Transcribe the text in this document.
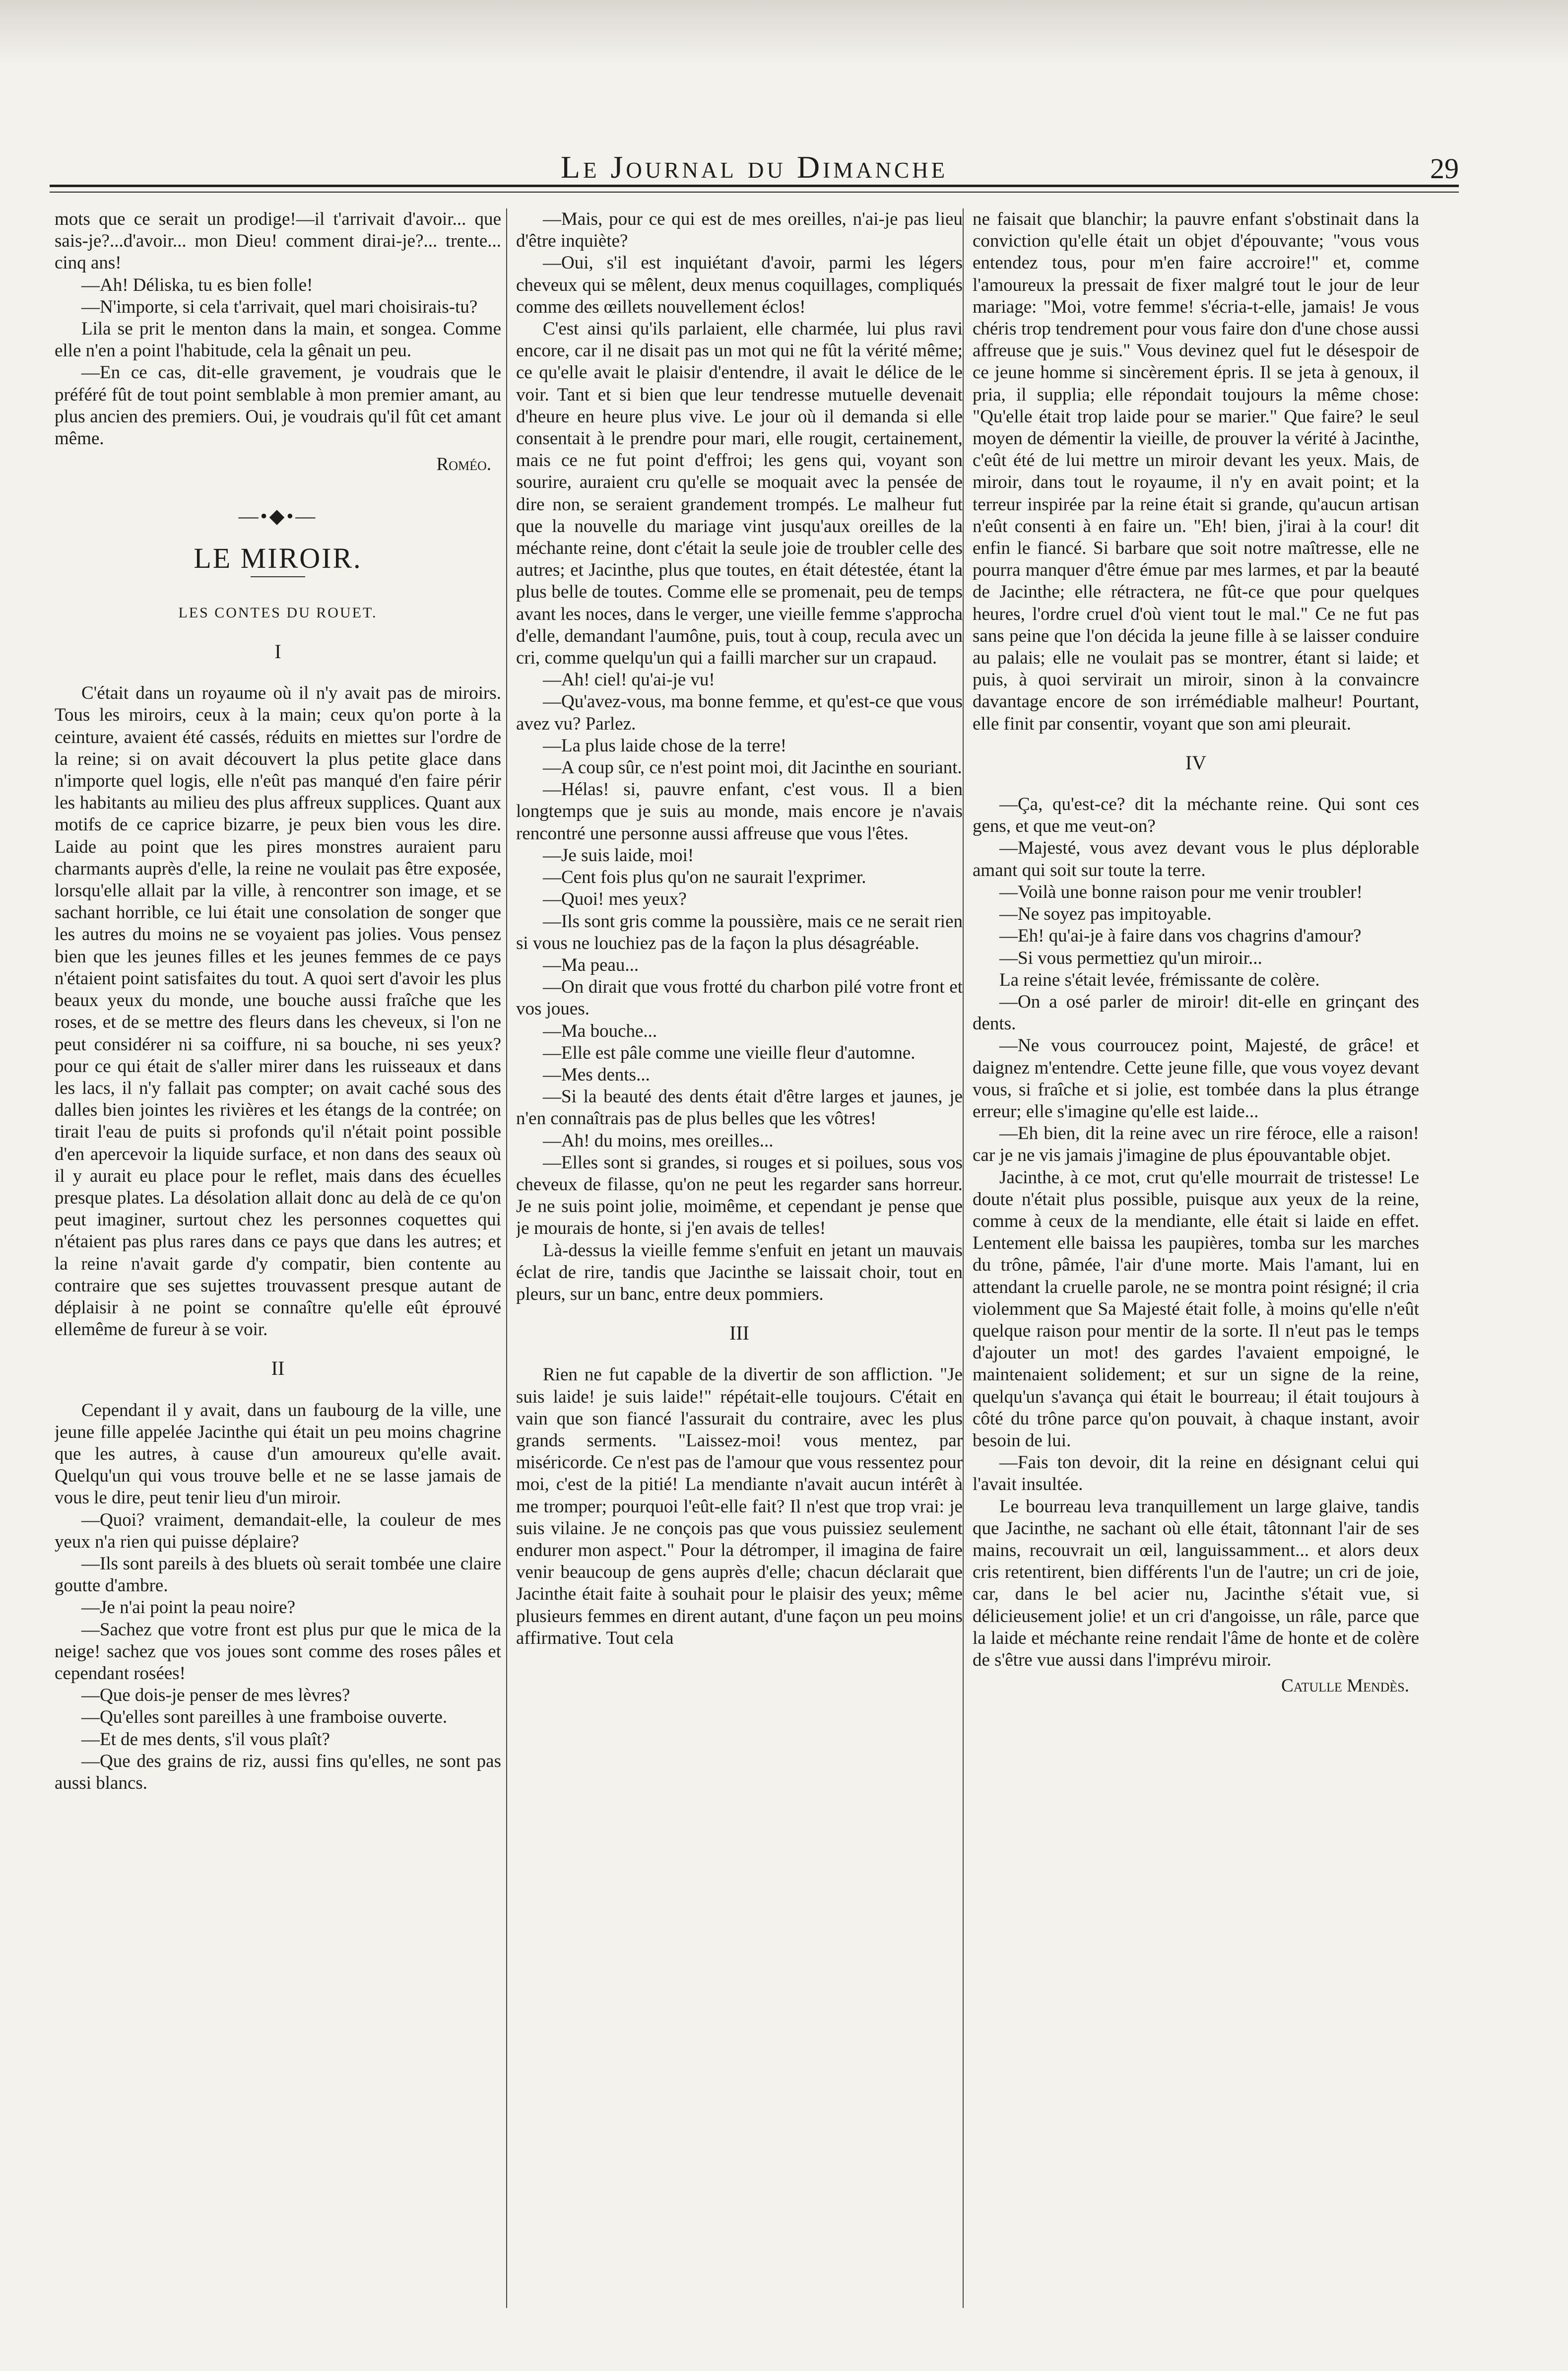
Le Journal du Dimanche	29

mots que ce serait un prodige!—il t'arrivait d'avoir... que sais-je?...d'avoir... mon Dieu! comment dirai-je?... trente... cinq ans!

—Ah! Déliska, tu es bien folle!

—N'importe, si cela t'arrivait, quel mari choisirais-tu?

Lila se prit le menton dans la main, et songea. Comme elle n'en a point l'habitude, cela la gênait un peu.

—En ce cas, dit-elle gravement, je voudrais que le préféré fût de tout point semblable à mon premier amant, au plus ancien des premiers. Oui, je voudrais qu'il fût cet amant même.

Roméo.
—•◆•—
LE MIROIR.
LES CONTES DU ROUET.
I

C'était dans un royaume où il n'y avait pas de miroirs. Tous les miroirs, ceux à la main; ceux qu'on porte à la ceinture, avaient été cassés, réduits en miettes sur l'ordre de la reine; si on avait découvert la plus petite glace dans n'importe quel logis, elle n'eût pas manqué d'en faire périr les habitants au milieu des plus affreux supplices. Quant aux motifs de ce caprice bizarre, je peux bien vous les dire. Laide au point que les pires monstres auraient paru charmants auprès d'elle, la reine ne voulait pas être exposée, lorsqu'elle allait par la ville, à rencontrer son image, et se sachant horrible, ce lui était une consolation de songer que les autres du moins ne se voyaient pas jolies. Vous pensez bien que les jeunes filles et les jeunes femmes de ce pays n'étaient point satisfaites du tout. A quoi sert d'avoir les plus beaux yeux du monde, une bouche aussi fraîche que les roses, et de se mettre des fleurs dans les cheveux, si l'on ne peut considérer ni sa coiffure, ni sa bouche, ni ses yeux? pour ce qui était de s'aller mirer dans les ruisseaux et dans les lacs, il n'y fallait pas compter; on avait caché sous des dalles bien jointes les rivières et les étangs de la contrée; on tirait l'eau de puits si profonds qu'il n'était point possible d'en apercevoir la liquide surface, et non dans des seaux où il y aurait eu place pour le reflet, mais dans des écuelles presque plates. La désolation allait donc au delà de ce qu'on peut imaginer, surtout chez les personnes coquettes qui n'étaient pas plus rares dans ce pays que dans les autres; et la reine n'avait garde d'y compatir, bien contente au contraire que ses sujettes trouvassent presque autant de déplaisir à ne point se connaître qu'elle eût éprouvé ellemême de fureur à se voir.

II

Cependant il y avait, dans un faubourg de la ville, une jeune fille appelée Jacinthe qui était un peu moins chagrine que les autres, à cause d'un amoureux qu'elle avait. Quelqu'un qui vous trouve belle et ne se lasse jamais de vous le dire, peut tenir lieu d'un miroir.

—Quoi? vraiment, demandait-elle, la couleur de mes yeux n'a rien qui puisse déplaire?

—Ils sont pareils à des bluets où serait tombée une claire goutte d'ambre.

—Je n'ai point la peau noire?

—Sachez que votre front est plus pur que le mica de la neige! sachez que vos joues sont comme des roses pâles et cependant rosées!

—Que dois-je penser de mes lèvres?

—Qu'elles sont pareilles à une framboise ouverte.

—Et de mes dents, s'il vous plaît?

—Que des grains de riz, aussi fins qu'elles, ne sont pas aussi blancs.

—Mais, pour ce qui est de mes oreilles, n'ai-je pas lieu d'être inquiète?

—Oui, s'il est inquiétant d'avoir, parmi les légers cheveux qui se mêlent, deux menus coquillages, compliqués comme des œillets nouvellement éclos!

C'est ainsi qu'ils parlaient, elle charmée, lui plus ravi encore, car il ne disait pas un mot qui ne fût la vérité même; ce qu'elle avait le plaisir d'entendre, il avait le délice de le voir. Tant et si bien que leur tendresse mutuelle devenait d'heure en heure plus vive. Le jour où il demanda si elle consentait à le prendre pour mari, elle rougit, certainement, mais ce ne fut point d'effroi; les gens qui, voyant son sourire, auraient cru qu'elle se moquait avec la pensée de dire non, se seraient grandement trompés. Le malheur fut que la nouvelle du mariage vint jusqu'aux oreilles de la méchante reine, dont c'était la seule joie de troubler celle des autres; et Jacinthe, plus que toutes, en était détestée, étant la plus belle de toutes. Comme elle se promenait, peu de temps avant les noces, dans le verger, une vieille femme s'approcha d'elle, demandant l'aumône, puis, tout à coup, recula avec un cri, comme quelqu'un qui a failli marcher sur un crapaud.

—Ah! ciel! qu'ai-je vu!

—Qu'avez-vous, ma bonne femme, et qu'est-ce que vous avez vu? Parlez.

—La plus laide chose de la terre!

—A coup sûr, ce n'est point moi, dit Jacinthe en souriant.

—Hélas! si, pauvre enfant, c'est vous. Il a bien longtemps que je suis au monde, mais encore je n'avais rencontré une personne aussi affreuse que vous l'êtes.

—Je suis laide, moi!

—Cent fois plus qu'on ne saurait l'exprimer.

—Quoi! mes yeux?

—Ils sont gris comme la poussière, mais ce ne serait rien si vous ne louchiez pas de la façon la plus désagréable.

—Ma peau...

—On dirait que vous frotté du charbon pilé votre front et vos joues.

—Ma bouche...

—Elle est pâle comme une vieille fleur d'automne.

—Mes dents...

—Si la beauté des dents était d'être larges et jaunes, je n'en connaîtrais pas de plus belles que les vôtres!

—Ah! du moins, mes oreilles...

—Elles sont si grandes, si rouges et si poilues, sous vos cheveux de filasse, qu'on ne peut les regarder sans horreur. Je ne suis point jolie, moimême, et cependant je pense que je mourais de honte, si j'en avais de telles!

Là-dessus la vieille femme s'enfuit en jetant un mauvais éclat de rire, tandis que Jacinthe se laissait choir, tout en pleurs, sur un banc, entre deux pommiers.

III

Rien ne fut capable de la divertir de son affliction. "Je suis laide! je suis laide!" répétait-elle toujours. C'était en vain que son fiancé l'assurait du contraire, avec les plus grands serments. "Laissez-moi! vous mentez, par miséricorde. Ce n'est pas de l'amour que vous ressentez pour moi, c'est de la pitié! La mendiante n'avait aucun intérêt à me tromper; pourquoi l'eût-elle fait? Il n'est que trop vrai: je suis vilaine. Je ne conçois pas que vous puissiez seulement endurer mon aspect." Pour la détromper, il imagina de faire venir beaucoup de gens auprès d'elle; chacun déclarait que Jacinthe était faite à souhait pour le plaisir des yeux; même plusieurs femmes en dirent autant, d'une façon un peu moins affirmative. Tout cela

ne faisait que blanchir; la pauvre enfant s'obstinait dans la conviction qu'elle était un objet d'épouvante; "vous vous entendez tous, pour m'en faire accroire!" et, comme l'amoureux la pressait de fixer malgré tout le jour de leur mariage: "Moi, votre femme! s'écria-t-elle, jamais! Je vous chéris trop tendrement pour vous faire don d'une chose aussi affreuse que je suis." Vous devinez quel fut le désespoir de ce jeune homme si sincèrement épris. Il se jeta à genoux, il pria, il supplia; elle répondait toujours la même chose: "Qu'elle était trop laide pour se marier." Que faire? le seul moyen de démentir la vieille, de prouver la vérité à Jacinthe, c'eût été de lui mettre un miroir devant les yeux. Mais, de miroir, dans tout le royaume, il n'y en avait point; et la terreur inspirée par la reine était si grande, qu'aucun artisan n'eût consenti à en faire un. "Eh! bien, j'irai à la cour! dit enfin le fiancé. Si barbare que soit notre maîtresse, elle ne pourra manquer d'être émue par mes larmes, et par la beauté de Jacinthe; elle rétractera, ne fût-ce que pour quelques heures, l'ordre cruel d'où vient tout le mal." Ce ne fut pas sans peine que l'on décida la jeune fille à se laisser conduire au palais; elle ne voulait pas se montrer, étant si laide; et puis, à quoi servirait un miroir, sinon à la convaincre davantage encore de son irrémédiable malheur! Pourtant, elle finit par consentir, voyant que son ami pleurait.

IV

—Ça, qu'est-ce? dit la méchante reine. Qui sont ces gens, et que me veut-on?

—Majesté, vous avez devant vous le plus déplorable amant qui soit sur toute la terre.

—Voilà une bonne raison pour me venir troubler!

—Ne soyez pas impitoyable.

—Eh! qu'ai-je à faire dans vos chagrins d'amour?

—Si vous permettiez qu'un miroir...

La reine s'était levée, frémissante de colère.

—On a osé parler de miroir! dit-elle en grinçant des dents.

—Ne vous courroucez point, Majesté, de grâce! et daignez m'entendre. Cette jeune fille, que vous voyez devant vous, si fraîche et si jolie, est tombée dans la plus étrange erreur; elle s'imagine qu'elle est laide...

—Eh bien, dit la reine avec un rire féroce, elle a raison! car je ne vis jamais j'imagine de plus épouvantable objet.

Jacinthe, à ce mot, crut qu'elle mourrait de tristesse! Le doute n'était plus possible, puisque aux yeux de la reine, comme à ceux de la mendiante, elle était si laide en effet. Lentement elle baissa les paupières, tomba sur les marches du trône, pâmée, l'air d'une morte. Mais l'amant, lui en attendant la cruelle parole, ne se montra point résigné; il cria violemment que Sa Majesté était folle, à moins qu'elle n'eût quelque raison pour mentir de la sorte. Il n'eut pas le temps d'ajouter un mot! des gardes l'avaient empoigné, le maintenaient solidement; et sur un signe de la reine, quelqu'un s'avança qui était le bourreau; il était toujours à côté du trône parce qu'on pouvait, à chaque instant, avoir besoin de lui.

—Fais ton devoir, dit la reine en désignant celui qui l'avait insultée.

Le bourreau leva tranquillement un large glaive, tandis que Jacinthe, ne sachant où elle était, tâtonnant l'air de ses mains, recouvrait un œil, languissamment... et alors deux cris retentirent, bien différents l'un de l'autre; un cri de joie, car, dans le bel acier nu, Jacinthe s'était vue, si délicieusement jolie! et un cri d'angoisse, un râle, parce que la laide et méchante reine rendait l'âme de honte et de colère de s'être vue aussi dans l'imprévu miroir.

Catulle Mendès.
